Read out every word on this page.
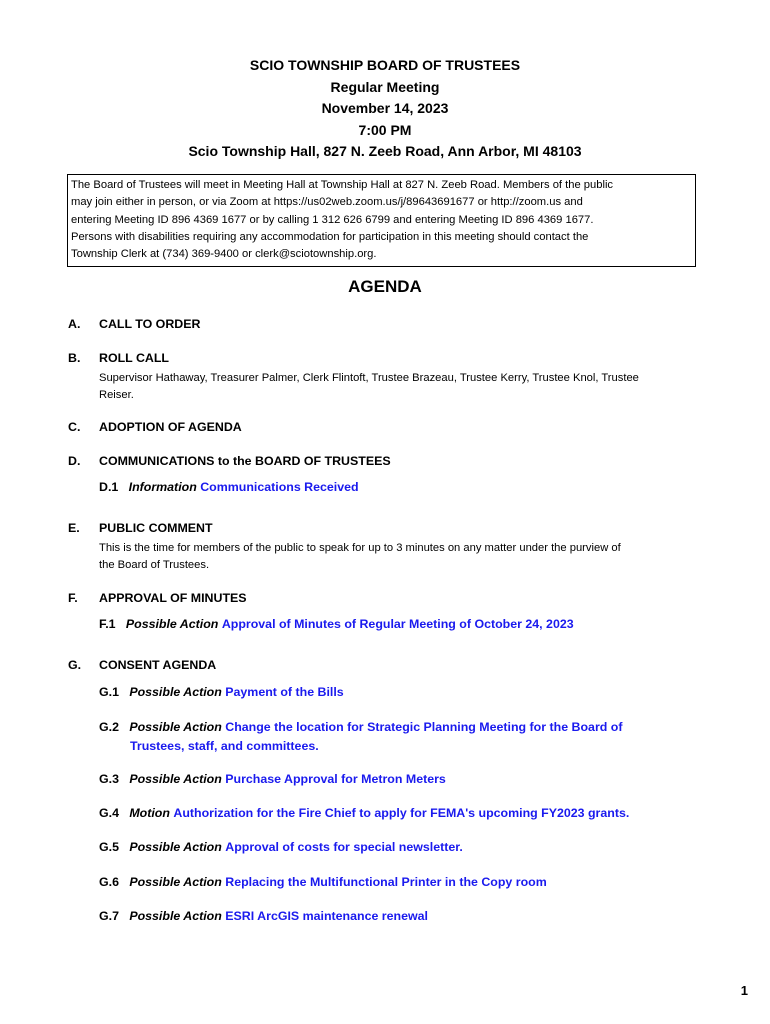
SCIO TOWNSHIP BOARD OF TRUSTEES
Regular Meeting
November 14, 2023
7:00 PM
Scio Township Hall, 827 N. Zeeb Road, Ann Arbor, MI 48103
The Board of Trustees will meet in Meeting Hall at Township Hall at 827 N. Zeeb Road. Members of the public
may join either in person, or via Zoom at https://us02web.zoom.us/j/89643691677 or http://zoom.us and
entering Meeting ID 896 4369 1677 or by calling 1 312 626 6799 and entering Meeting ID 896 4369 1677.
Persons with disabilities requiring any accommodation for participation in this meeting should contact the
Township Clerk at (734) 369-9400 or clerk@sciotownship.org.
AGENDA
A. CALL TO ORDER
B. ROLL CALL
Supervisor Hathaway, Treasurer Palmer, Clerk Flintoft, Trustee Brazeau, Trustee Kerry, Trustee Knol, Trustee
Reiser.
C. ADOPTION OF AGENDA
D. COMMUNICATIONS to the BOARD OF TRUSTEES
D.1 Information Communications Received
E. PUBLIC COMMENT
This is the time for members of the public to speak for up to 3 minutes on any matter under the purview of
the Board of Trustees.
F. APPROVAL OF MINUTES
F.1 Possible Action Approval of Minutes of Regular Meeting of October 24, 2023
G. CONSENT AGENDA
G.1 Possible Action Payment of the Bills
G.2 Possible Action Change the location for Strategic Planning Meeting for the Board of
Trustees, staff, and committees.
G.3 Possible Action Purchase Approval for Metron Meters
G.4 Motion Authorization for the Fire Chief to apply for FEMA's upcoming FY2023 grants.
G.5 Possible Action Approval of costs for special newsletter.
G.6 Possible Action Replacing the Multifunctional Printer in the Copy room
G.7 Possible Action ESRI ArcGIS maintenance renewal
1
